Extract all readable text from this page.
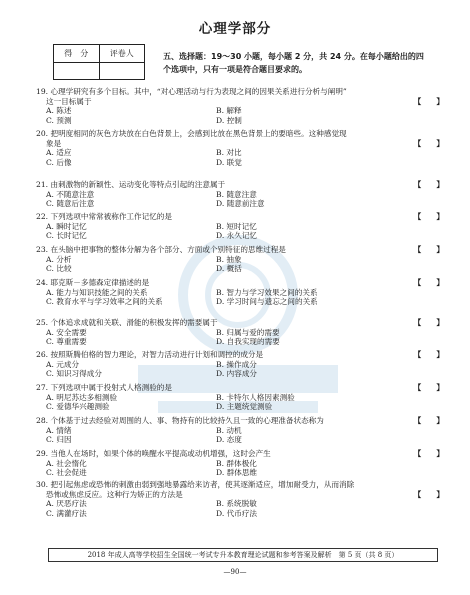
心理学部分
得　分	评卷人	五、选择题：19～30 小题，每小题 2 分，共 24 分。在每小题给出的四
个选项中，只有一项是符合题目要求的。
19. 心理学研究有多个目标。其中，“对心理活动与行为表现之间的因果关系进行分析与阐明”
这一目标属于	【　　】
A. 陈述	B. 解释
C. 预测	D. 控制
20. 把明度相同的灰色方块放在白色背景上，会感到比放在黑色背景上的要暗些。这种感觉现
象是	【　　】
A. 适应	B. 对比
C. 后像	D. 联觉
21. 由刺激物的新颖性、运动变化等特点引起的注意属于	【　　】
A. 不随意注意	B. 随意注意
C. 随意后注意	D. 随意前注意
22. 下列选项中常常被称作工作记忆的是	【　　】
A. 瞬时记忆	B. 短时记忆
C. 长时记忆	D. 永久记忆
23. 在头脑中把事物的整体分解为各个部分、方面或个别特征的思维过程是	【　　】
A. 分析	B. 抽象
C. 比较	D. 概括
24. 耶克斯－多德森定律描述的是	【　　】
A. 能力与知识技能之间的关系	B. 智力与学习效果之间的关系
C. 教育水平与学习效率之间的关系	D. 学习时间与遗忘之间的关系
25. 个体追求成就和关联、滑能的积极发挥的需要属于	【　　】
A. 安全需要	B. 归属与爱的需要
C. 尊重需要	D. 自我实现的需要
26. 按照斯腾伯格的智力理论，对智力活动进行计划和调控的成分是	【　　】
A. 元成分	B. 操作成分
C. 知识习得成分	D. 内容成分
27. 下列选项中属于投射式人格测验的是	【　　】
A. 明尼苏达多相测验	B. 卡特尔人格因素测验
C. 爱德华兴趣测验	D. 主题统觉测验
28. 个体基于过去经验对周围的人、事、物持有的比较持久且一致的心理准备状态称为	【　　】
A. 情绪	B. 动机
C. 归因	D. 态度
29. 当他人在场时，如果个体的唤醒水平提高或动机增强，这时会产生	【　　】
A. 社会惰化	B. 群体极化
C. 社会促进	D. 群体思维
30. 把引起焦虑或恐怖的刺激由弱到强地暴露给来访者，使其逐渐适应，增加耐受力，从而消除
恐怖或焦虑反应。这种行为矫正的方法是	【　　】
A. 厌恶疗法	B. 系统脱敏
C. 满灌疗法	D. 代币疗法
2018 年成人高等学校招生全国统一考试专升本教育理论试题和参考答案及解析　第 5 页（共 8 页）
—90—
